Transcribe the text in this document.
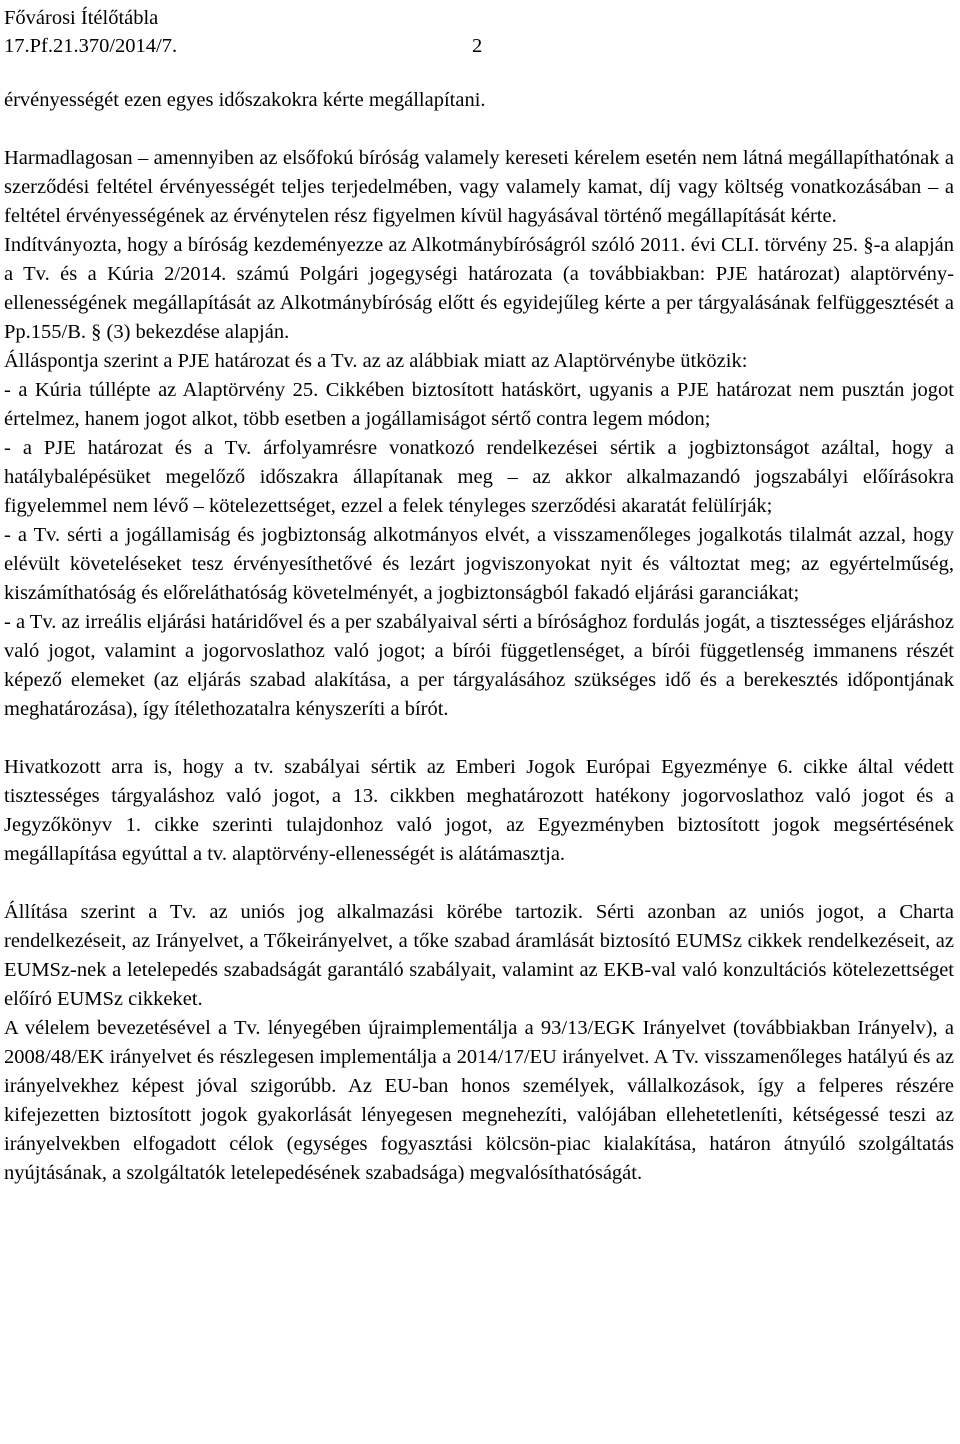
Fővárosi Ítélőtábla
17.Pf.21.370/2014/7.	2

érvényességét ezen egyes időszakokra kérte megállapítani.

Harmadlagosan – amennyiben az elsőfokú bíróság valamely kereseti kérelem esetén nem látná megállapíthatónak a szerződési feltétel érvényességét teljes terjedelmében, vagy valamely kamat, díj vagy költség vonatkozásában – a feltétel érvényességének az érvénytelen rész figyelmen kívül hagyásával történő megállapítását kérte.

Indítványozta, hogy a bíróság kezdeményezze az Alkotmánybíróságról szóló 2011. évi CLI. törvény 25. §-a alapján a Tv. és a Kúria 2/2014. számú Polgári jogegységi határozata (a továbbiakban: PJE határozat) alaptörvény-ellenességének megállapítását az Alkotmánybíróság előtt és egyidejűleg kérte a per tárgyalásának felfüggesztését a Pp.155/B. § (3) bekezdése alapján.

Álláspontja szerint a PJE határozat és a Tv. az az alábbiak miatt az Alaptörvénybe ütközik:

- a Kúria túllépte az Alaptörvény 25. Cikkében biztosított hatáskört, ugyanis a PJE határozat nem pusztán jogot értelmez, hanem jogot alkot, több esetben a jogállamiságot sértő contra legem módon;

- a PJE határozat és a Tv. árfolyamrésre vonatkozó rendelkezései sértik a jogbiztonságot azáltal, hogy a hatálybalépésüket megelőző időszakra állapítanak meg – az akkor alkalmazandó jogszabályi előírásokra figyelemmel nem lévő – kötelezettséget, ezzel a felek tényleges szerződési akaratát felülírják;

- a Tv. sérti a jogállamiság és jogbiztonság alkotmányos elvét, a visszamenőleges jogalkotás tilalmát azzal, hogy elévült követeléseket tesz érvényesíthetővé és lezárt jogviszonyokat nyit és változtat meg; az egyértelműség, kiszámíthatóság és előreláthatóság követelményét, a jogbiztonságból fakadó eljárási garanciákat;

- a Tv. az irreális eljárási határidővel és a per szabályaival sérti a bírósághoz fordulás jogát, a tisztességes eljáráshoz való jogot, valamint a jogorvoslathoz való jogot; a bírói függetlenséget, a bírói függetlenség immanens részét képező elemeket (az eljárás szabad alakítása, a per tárgyalásához szükséges idő és a berekesztés időpontjának meghatározása), így ítélethozatalra kényszeríti a bírót.

Hivatkozott arra is, hogy a tv. szabályai sértik az Emberi Jogok Európai Egyezménye 6. cikke által védett tisztességes tárgyaláshoz való jogot, a 13. cikkben meghatározott hatékony jogorvoslathoz való jogot és a Jegyzőkönyv 1. cikke szerinti tulajdonhoz való jogot, az Egyezményben biztosított jogok megsértésének megállapítása egyúttal a tv. alaptörvény-ellenességét is alátámasztja.

Állítása szerint a Tv. az uniós jog alkalmazási körébe tartozik. Sérti azonban az uniós jogot, a Charta rendelkezéseit, az Irányelvet, a Tőkeirányelvet, a tőke szabad áramlását biztosító EUMSz cikkek rendelkezéseit, az EUMSz-nek a letelepedés szabadságát garantáló szabályait, valamint az EKB-val való konzultációs kötelezettséget előíró EUMSz cikkeket.

A vélelem bevezetésével a Tv. lényegében újraimplementálja a 93/13/EGK Irányelvet (továbbiakban Irányelv), a 2008/48/EK irányelvet és részlegesen implementálja a 2014/17/EU irányelvet. A Tv. visszamenőleges hatályú és az irányelvekhez képest jóval szigorúbb. Az EU-ban honos személyek, vállalkozások, így a felperes részére kifejezetten biztosított jogok gyakorlását lényegesen megnehezíti, valójában ellehetetleníti, kétségessé teszi az irányelvekben elfogadott célok (egységes fogyasztási kölcsön-piac kialakítása, határon átnyúló szolgáltatás nyújtásának, a szolgáltatók letelepedésének szabadsága) megvalósíthatóságát.
